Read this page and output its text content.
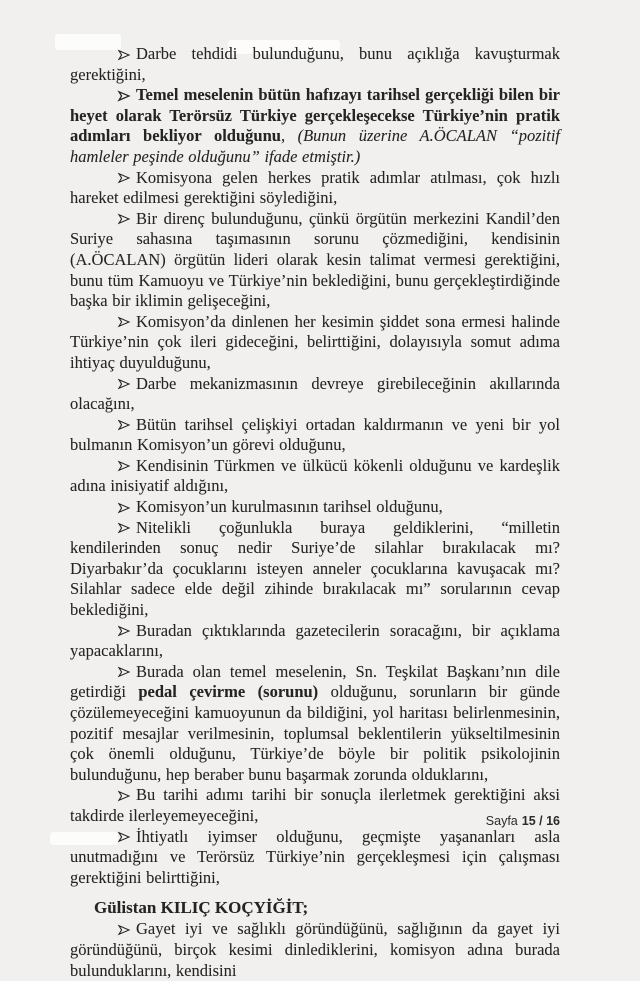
Darbe tehdidi bulunduğunu, bunu açıklığa kavuşturmak gerektiğini,

Temel meselenin bütün hafızayı tarihsel gerçekliği bilen bir heyet olarak Terörsüz Türkiye gerçekleşecekse Türkiye’nin pratik adımları bekliyor olduğunu, (Bunun üzerine A.ÖCALAN “pozitif hamleler peşinde olduğunu” ifade etmiştir.)

Komisyona gelen herkes pratik adımlar atılması, çok hızlı hareket edilmesi gerektiğini söylediğini,

Bir direnç bulunduğunu, çünkü örgütün merkezini Kandil’den Suriye sahasına taşımasının sorunu çözmediğini, kendisinin (A.ÖCALAN) örgütün lideri olarak kesin talimat vermesi gerektiğini, bunu tüm Kamuoyu ve Türkiye’nin beklediğini, bunu gerçekleştirdiğinde başka bir iklimin gelişeceğini,

Komisyon’da dinlenen her kesimin şiddet sona ermesi halinde Türkiye’nin çok ileri gideceğini, belirttiğini, dolayısıyla somut adıma ihtiyaç duyulduğunu,

Darbe mekanizmasının devreye girebileceğinin akıllarında olacağını,

Bütün tarihsel çelişkiyi ortadan kaldırmanın ve yeni bir yol bulmanın Komisyon’un görevi olduğunu,

Kendisinin Türkmen ve ülkücü kökenli olduğunu ve kardeşlik adına inisiyatif aldığını,

Komisyon’un kurulmasının tarihsel olduğunu,

Nitelikli çoğunlukla buraya geldiklerini, “milletin kendilerinden sonuç nedir Suriye’de silahlar bırakılacak mı? Diyarbakır’da çocuklarını isteyen anneler çocuklarına kavuşacak mı? Silahlar sadece elde değil zihinde bırakılacak mı” sorularının cevap beklediğini,

Buradan çıktıklarında gazetecilerin soracağını, bir açıklama yapacaklarını,

Burada olan temel meselenin, Sn. Teşkilat Başkanı’nın dile getirdiği pedal çevirme (sorunu) olduğunu, sorunların bir günde çözülemeyeceğini kamuoyunun da bildiğini, yol haritası belirlenmesinin, pozitif mesajlar verilmesinin, toplumsal beklentilerin yükseltilmesinin çok önemli olduğunu, Türkiye’de böyle bir politik psikolojinin bulunduğunu, hep beraber bunu başarmak zorunda olduklarını,

Bu tarihi adımı tarihi bir sonuçla ilerletmek gerektiğini aksi takdirde ilerleyemeyeceğini,

İhtiyatlı iyimser olduğunu, geçmişte yaşananları asla unutmadığını ve Terörsüz Türkiye’nin gerçekleşmesi için çalışması gerektiğini belirttiğini,

Gülistan KILIÇ KOÇYİĞİT;

Gayet iyi ve sağlıklı göründüğünü, sağlığının da gayet iyi göründüğünü, birçok kesimi dinlediklerini, komisyon adına burada bulunduklarını, kendisini

Sayfa 15 / 16
